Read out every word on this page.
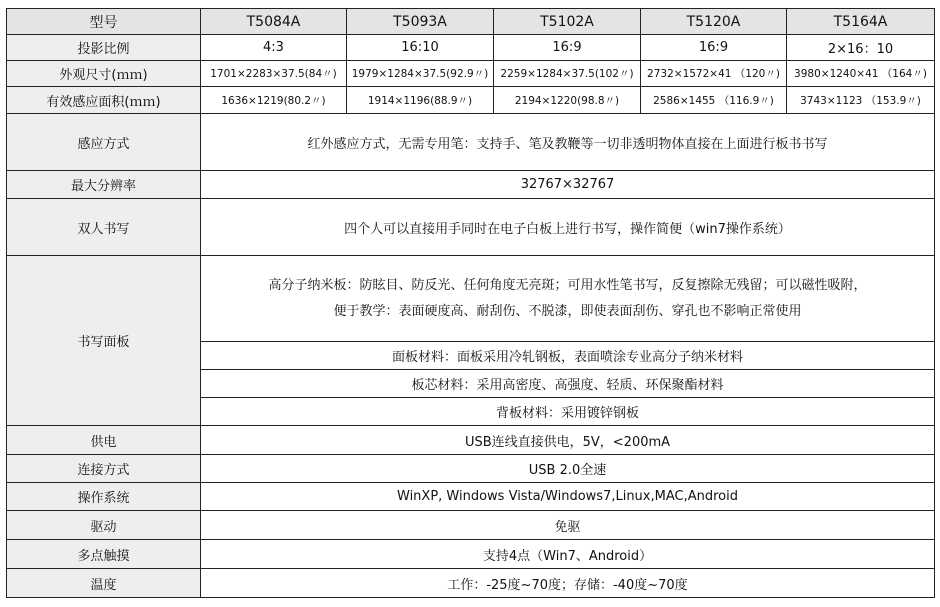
型号	T5084A	T5093A	T5102A	T5120A	T5164A
投影比例	4:3	16:10	16:9	16:9	2×16：10
外观尺寸(ｍｍ)	1701×2283×37.5(84〃)	1979×1284×37.5(92.9〃)	2259×1284×37.5(102〃)	2732×1572×41 （120〃)	3980×1240×41 （164〃)
有效感应面积(ｍｍ)	1636×1219(80.2〃)	1914×1196(88.9〃)	2194×1220(98.8〃)	2586×1455 （116.9〃)	3743×1123 （153.9〃)
感应方式	红外感应方式，无需专用笔：支持手、笔及教鞭等一切非透明物体直接在上面进行板书书写				
最大分辨率	32767×32767				
双人书写	四个人可以直接用手同时在电子白板上进行书写，操作简便（win7操作系统）				
书写面板	高分子纳米板：防眩目、防反光、任何角度无亮斑；可用水性笔书写，反复擦除无残留；可以磁性吸附，
便于教学：表面硬度高、耐刮伤、不脱漆，即使表面刮伤、穿孔也不影响正常使用				

	面板材料：面板采用冷轧钢板，表面喷涂专业高分子纳米材料				
	板芯材料：采用高密度、高强度、轻质、环保聚酯材料				
	背板材料：采用镀锌钢板				
供电	USB连线直接供电，5V，<200mA				
连接方式	USB 2.0全速				
操作系统	WinXP, Windows Vista/Windows7,Linux,MAC,Android				
驱动	免驱				
多点触摸	支持4点（Win7、Android）				
温度	工作：-25度~70度；存储：-40度~70度				
